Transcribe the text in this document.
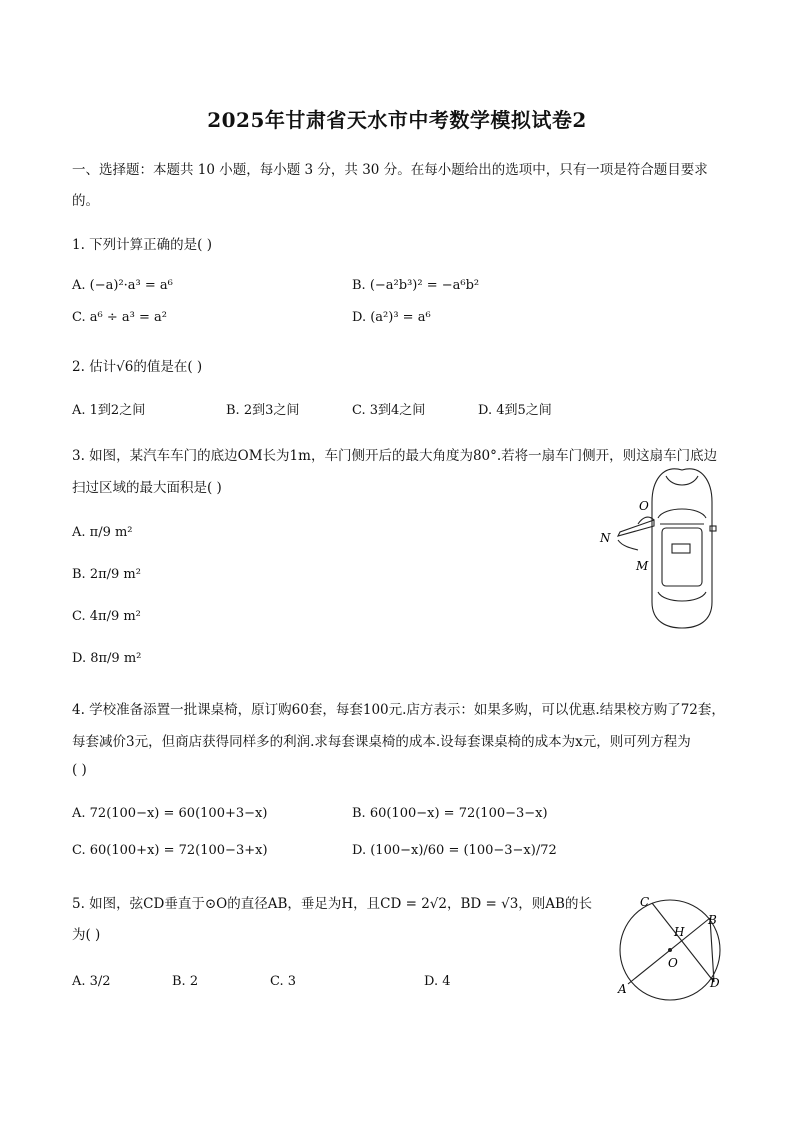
2025年甘肃省天水市中考数学模拟试卷2
一、选择题：本题共 10 小题，每小题 3 分，共 30 分。在每小题给出的选项中，只有一项是符合题目要求
的。
1. 下列计算正确的是( )
A. (−a)²·a³ = a⁶	B. (−a²b³)² = −a⁶b²
C. a⁶ ÷ a³ = a²	D. (a²)³ = a⁶
2. 估计√6的值是在( )
A. 1到2之间	B. 2到3之间	C. 3到4之间	D. 4到5之间
3. 如图，某汽车车门的底边OM长为1m，车门侧开后的最大角度为80°.若将一扇车门侧开，则这扇车门底边
扫过区域的最大面积是( )
A. π/9 m²
B. 2π/9 m²
C. 4π/9 m²
D. 8π/9 m²
O
N
M
4. 学校准备添置一批课桌椅，原订购60套，每套100元.店方表示：如果多购，可以优惠.结果校方购了72套，
每套减价3元，但商店获得同样多的利润.求每套课桌椅的成本.设每套课桌椅的成本为x元，则可列方程为
( )
A. 72(100−x) = 60(100+3−x)	B. 60(100−x) = 72(100−3−x)
C. 60(100+x) = 72(100−3+x)	D. (100−x)/60 = (100−3−x)/72
5. 如图，弦CD垂直于⊙O的直径AB，垂足为H，且CD = 2√2，BD = √3，则AB的长
为( )
A. 3/2	B. 2	C. 3	D. 4
C
B
H
O
A	D
